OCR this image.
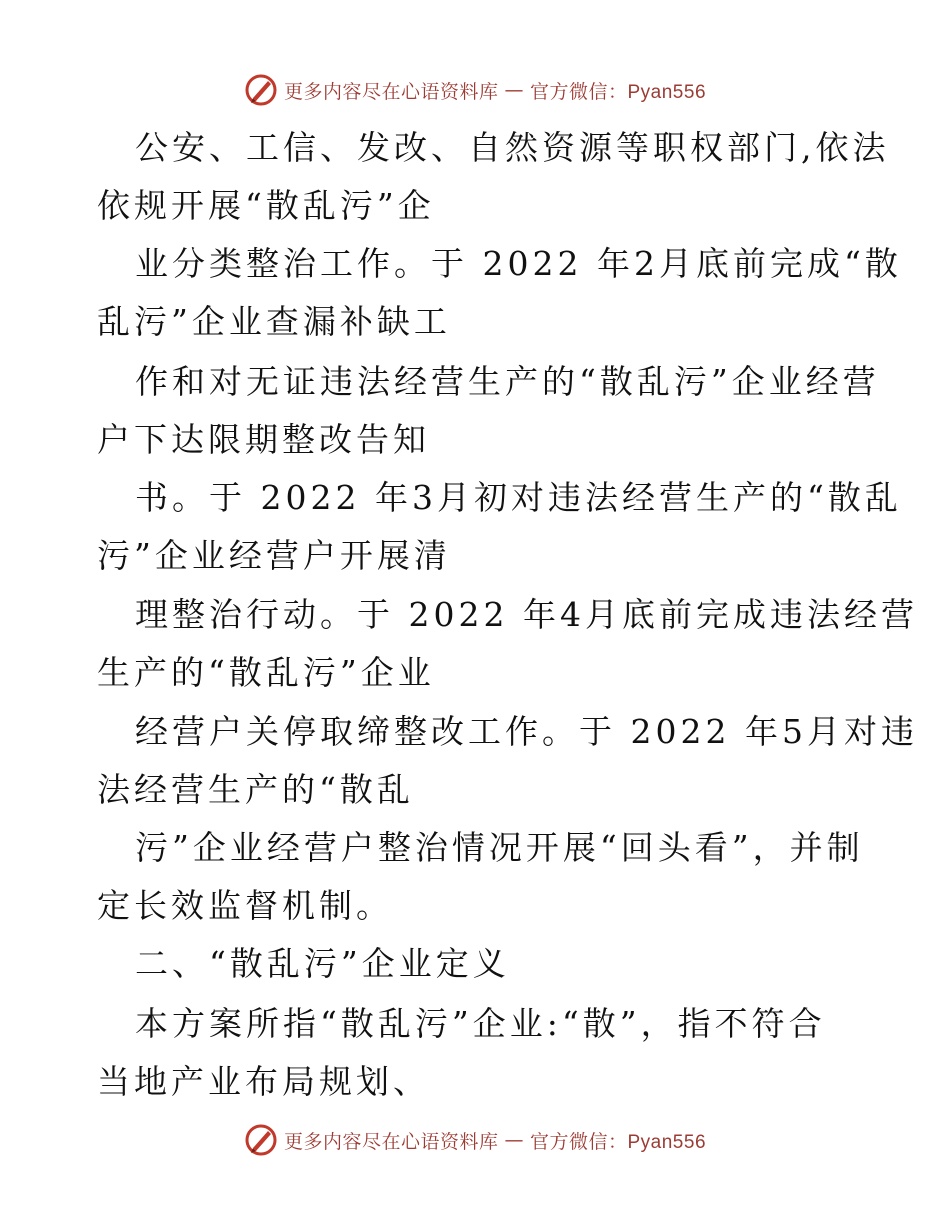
更多内容尽在心语资料库 — 官方微信：Pyan556
公安、工信、发改、自然资源等职权部门,依法
依规开展“散乱污”企
业分类整治工作。于 2022 年2月底前完成“散
乱污”企业查漏补缺工
作和对无证违法经营生产的“散乱污”企业经营
户下达限期整改告知
书。于 2022 年3月初对违法经营生产的“散乱
污”企业经营户开展清
理整治行动。于 2022 年4月底前完成违法经营
生产的“散乱污”企业
经营户关停取缔整改工作。于 2022 年5月对违
法经营生产的“散乱
污”企业经营户整治情况开展“回头看”，并制
定长效监督机制。
二、“散乱污”企业定义
本方案所指“散乱污”企业:“散”，指不符合
当地产业布局规划、
更多内容尽在心语资料库 — 官方微信：Pyan556
